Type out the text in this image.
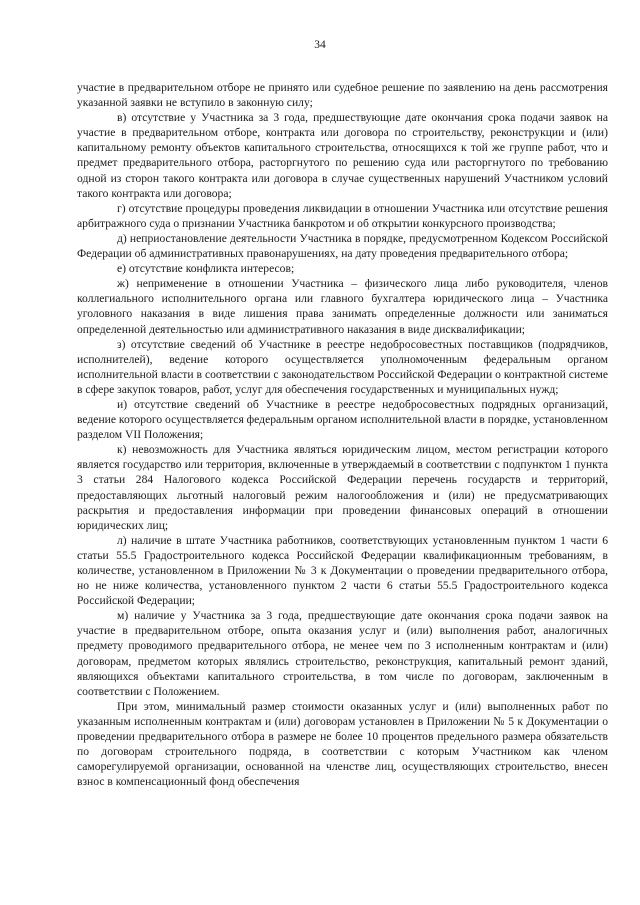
34

участие в предварительном отборе не принято или судебное решение по заявлению на день рассмотрения указанной заявки не вступило в законную силу;

в) отсутствие у Участника за 3 года, предшествующие дате окончания срока подачи заявок на участие в предварительном отборе, контракта или договора по строительству, реконструкции и (или) капитальному ремонту объектов капитального строительства, относящихся к той же группе работ, что и предмет предварительного отбора, расторгнутого по решению суда или расторгнутого по требованию одной из сторон такого контракта или договора в случае существенных нарушений Участником условий такого контракта или договора;

г) отсутствие процедуры проведения ликвидации в отношении Участника или отсутствие решения арбитражного суда о признании Участника банкротом и об открытии конкурсного производства;

д) неприостановление деятельности Участника в порядке, предусмотренном Кодексом Российской Федерации об административных правонарушениях, на дату проведения предварительного отбора;

е) отсутствие конфликта интересов;

ж) неприменение в отношении Участника – физического лица либо руководителя, членов коллегиального исполнительного органа или главного бухгалтера юридического лица – Участника уголовного наказания в виде лишения права занимать определенные должности или заниматься определенной деятельностью или административного наказания в виде дисквалификации;

з) отсутствие сведений об Участнике в реестре недобросовестных поставщиков (подрядчиков, исполнителей), ведение которого осуществляется уполномоченным федеральным органом исполнительной власти в соответствии с законодательством Российской Федерации о контрактной системе в сфере закупок товаров, работ, услуг для обеспечения государственных и муниципальных нужд;

и) отсутствие сведений об Участнике в реестре недобросовестных подрядных организаций, ведение которого осуществляется федеральным органом исполнительной власти в порядке, установленном разделом VII Положения;

к) невозможность для Участника являться юридическим лицом, местом регистрации которого является государство или территория, включенные в утверждаемый в соответствии с подпунктом 1 пункта 3 статьи 284 Налогового кодекса Российской Федерации перечень государств и территорий, предоставляющих льготный налоговый режим налогообложения и (или) не предусматривающих раскрытия и предоставления информации при проведении финансовых операций в отношении юридических лиц;

л) наличие в штате Участника работников, соответствующих установленным пунктом 1 части 6 статьи 55.5 Градостроительного кодекса Российской Федерации квалификационным требованиям, в количестве, установленном в Приложении № 3 к Документации о проведении предварительного отбора, но не ниже количества, установленного пунктом 2 части 6 статьи 55.5 Градостроительного кодекса Российской Федерации;

м) наличие у Участника за 3 года, предшествующие дате окончания срока подачи заявок на участие в предварительном отборе, опыта оказания услуг и (или) выполнения работ, аналогичных предмету проводимого предварительного отбора, не менее чем по 3 исполненным контрактам и (или) договорам, предметом которых являлись строительство, реконструкция, капитальный ремонт зданий, являющихся объектами капитального строительства, в том числе по договорам, заключенным в соответствии с Положением.

При этом, минимальный размер стоимости оказанных услуг и (или) выполненных работ по указанным исполненным контрактам и (или) договорам установлен в Приложении № 5 к Документации о проведении предварительного отбора в размере не более 10 процентов предельного размера обязательств по договорам строительного подряда, в соответствии с которым Участником как членом саморегулируемой организации, основанной на членстве лиц, осуществляющих строительство, внесен взнос в компенсационный фонд обеспечения
